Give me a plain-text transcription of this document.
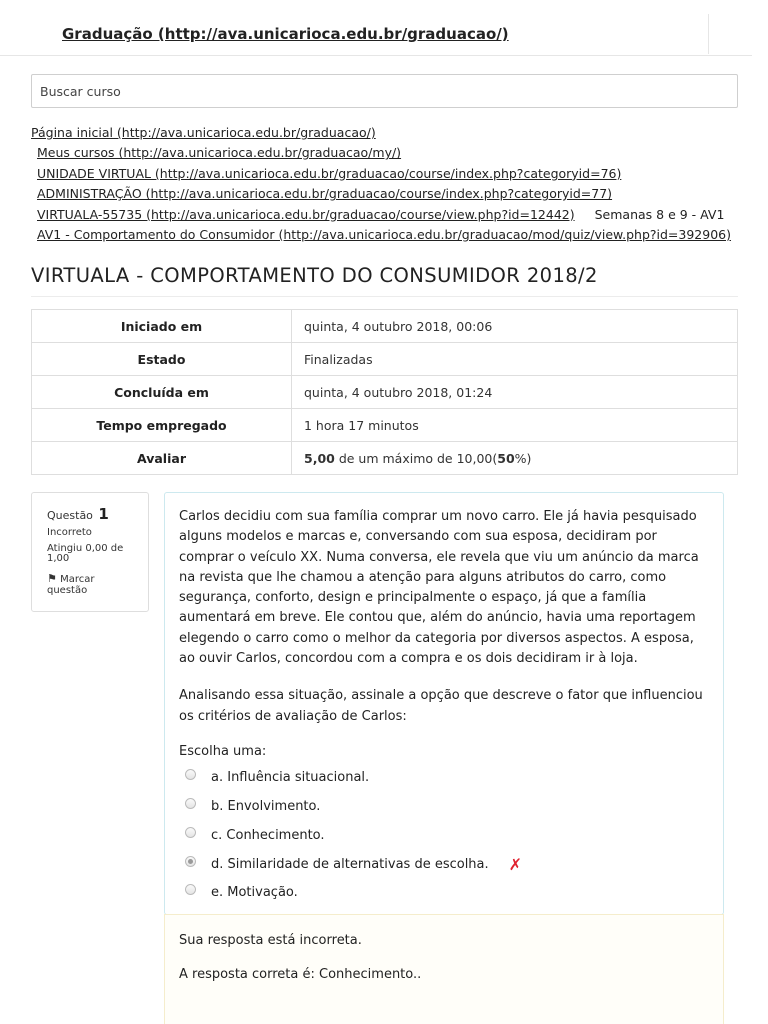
Graduação (http://ava.unicarioca.edu.br/graduacao/)
Buscar curso
Página inicial (http://ava.unicarioca.edu.br/graduacao/)
Meus cursos (http://ava.unicarioca.edu.br/graduacao/my/)
UNIDADE VIRTUAL (http://ava.unicarioca.edu.br/graduacao/course/index.php?categoryid=76)
ADMINISTRAÇÃO (http://ava.unicarioca.edu.br/graduacao/course/index.php?categoryid=77)
VIRTUALA-55735 (http://ava.unicarioca.edu.br/graduacao/course/view.php?id=12442) Semanas 8 e 9 - AV1
AV1 - Comportamento do Consumidor (http://ava.unicarioca.edu.br/graduacao/mod/quiz/view.php?id=392906)
VIRTUALA - COMPORTAMENTO DO CONSUMIDOR 2018/2
Iniciado em	quinta, 4 outubro 2018, 00:06
Estado	Finalizadas
Concluída em	quinta, 4 outubro 2018, 01:24
Tempo empregado	1 hora 17 minutos
Avaliar	5,00 de um máximo de 10,00(50%)
Questão 1
Incorreto
Atingiu 0,00 de 1,00
⚑ Marcar questão

Carlos decidiu com sua família comprar um novo carro. Ele já havia pesquisado alguns modelos e marcas e, conversando com sua esposa, decidiram por comprar o veículo XX. Numa conversa, ele revela que viu um anúncio da marca na revista que lhe chamou a atenção para alguns atributos do carro, como segurança, conforto, design e principalmente o espaço, já que a família aumentará em breve. Ele contou que, além do anúncio, havia uma reportagem elegendo o carro como o melhor da categoria por diversos aspectos. A esposa, ao ouvir Carlos, concordou com a compra e os dois decidiram ir à loja.

Analisando essa situação, assinale a opção que descreve o fator que influenciou os critérios de avaliação de Carlos:

Escolha uma:

a. Influência situacional.
b. Envolvimento.
c. Conhecimento.
d. Similaridade de alternativas de escolha. ✗
e. Motivação.

Sua resposta está incorreta.

A resposta correta é: Conhecimento..
